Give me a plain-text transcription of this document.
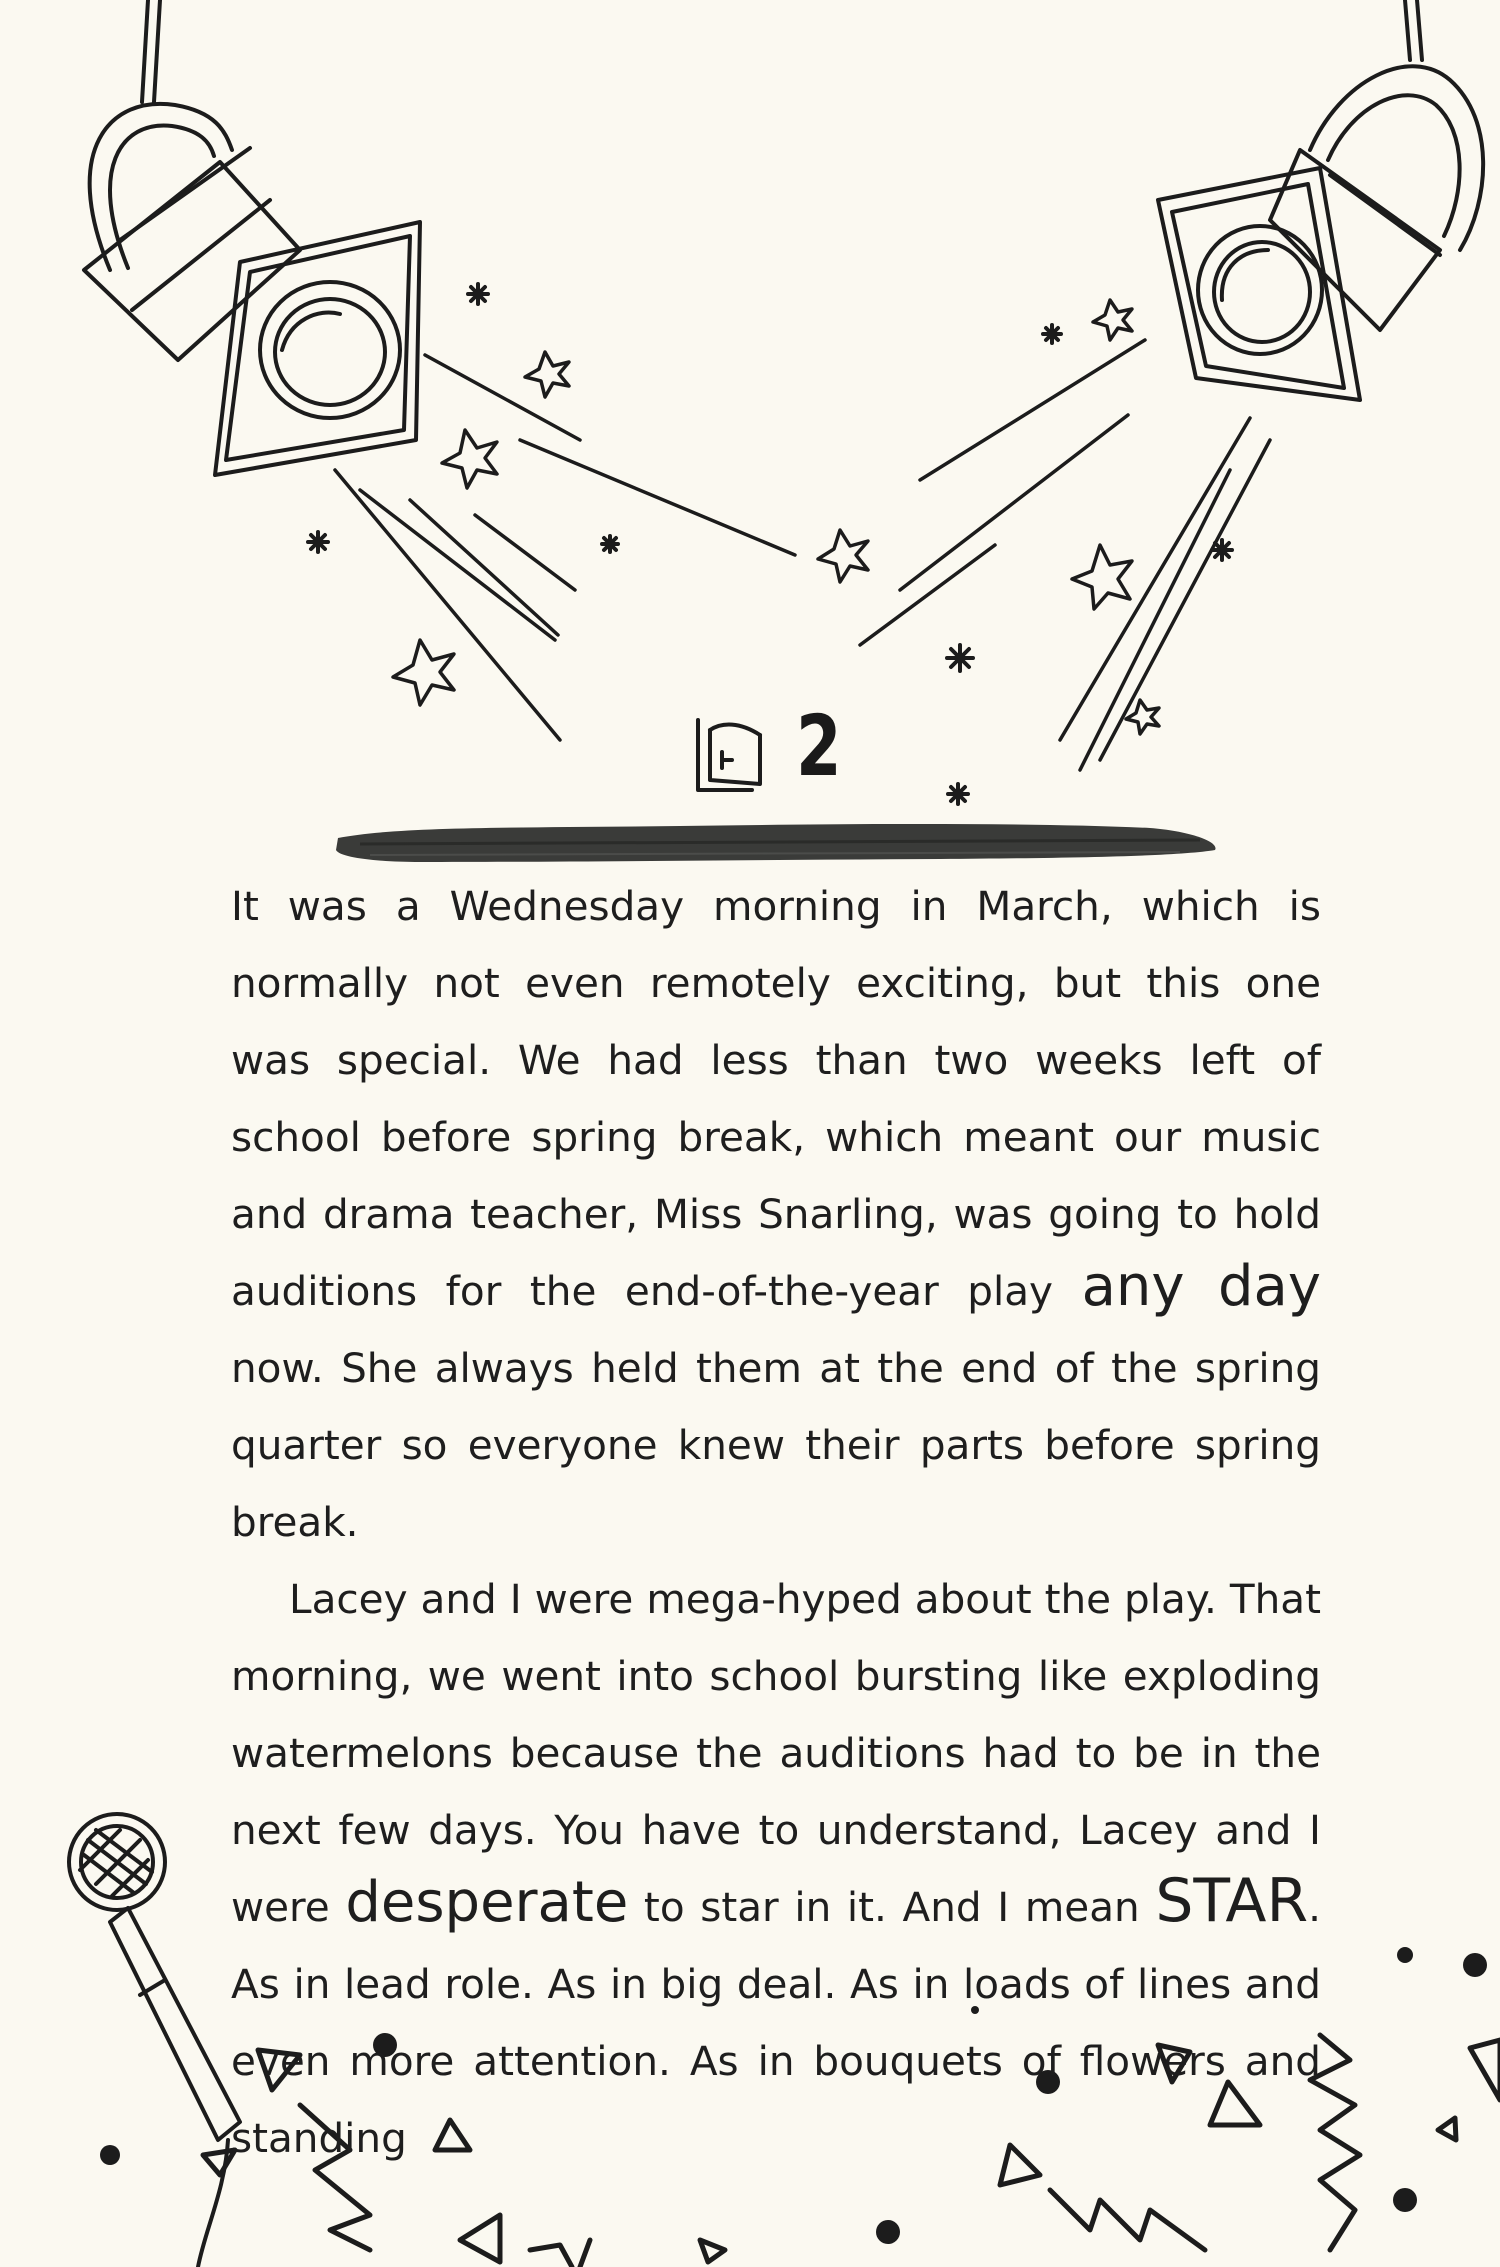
2

It was a Wednesday morning in March, which is normally not even remotely exciting, but this one was special. We had less than two weeks left of school before spring break, which meant our music and drama teacher, Miss Snarling, was going to hold auditions for the end-of-the-year play any day now. She always held them at the end of the spring quarter so everyone knew their parts before spring break.

Lacey and I were mega-hyped about the play. That morning, we went into school bursting like exploding watermelons because the auditions had to be in the next few days. You have to understand, Lacey and I were desperate to star in it. And I mean STAR. As in lead role. As in big deal. As in loads of lines and even more attention. As in bouquets of flowers and standing
